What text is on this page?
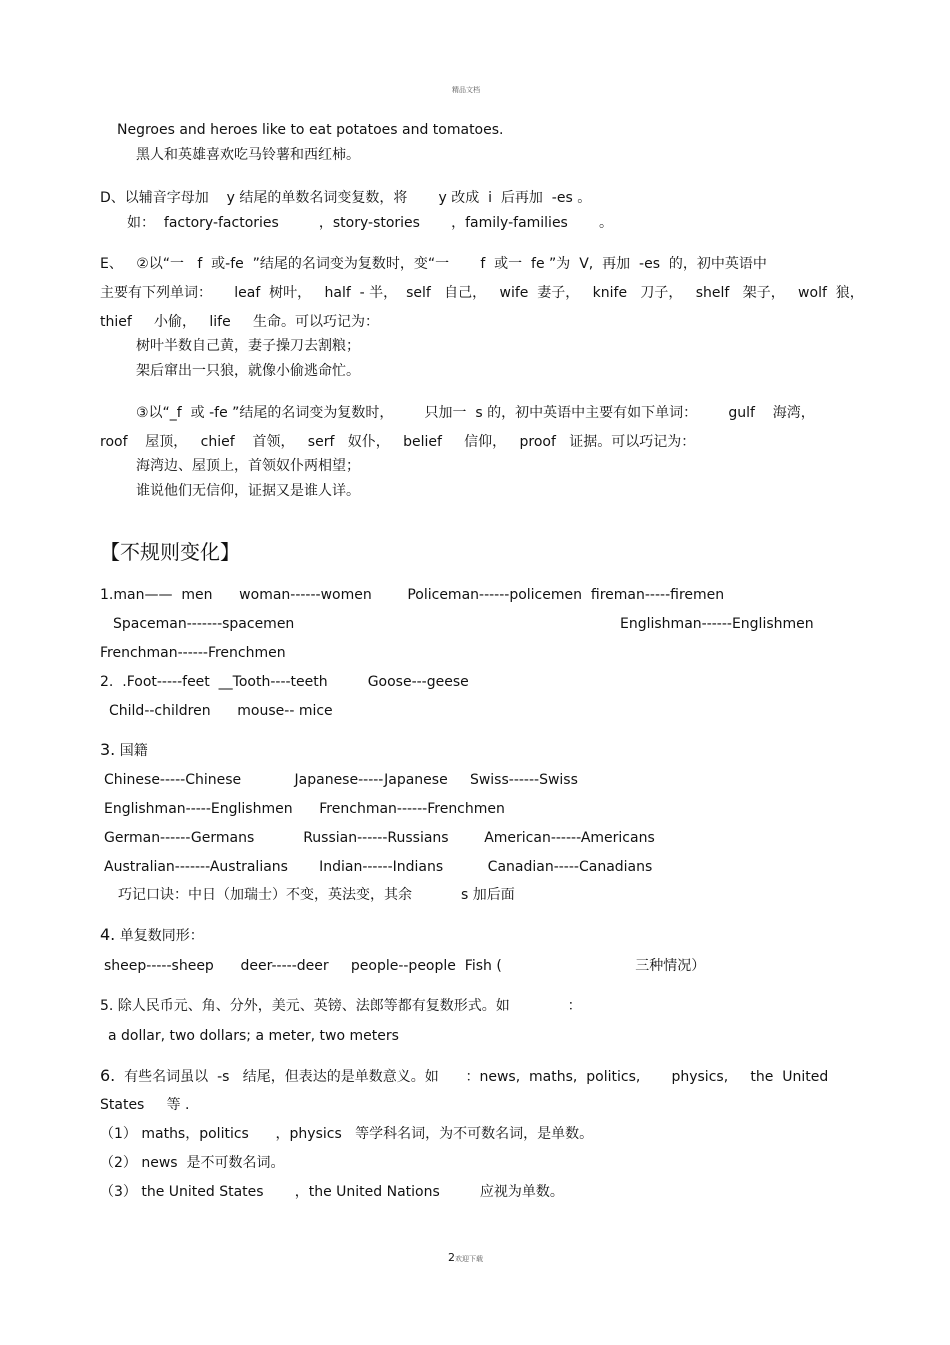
精品文档
Negroes and heroes like to eat potatoes and tomatoes.
黑人和英雄喜欢吃马铃薯和西红柿。
D、以辅音字母加    y 结尾的单数名词变复数，将       y 改成  i  后再加  -es 。
如：  factory-factories         ，story-stories       ，family-families       。
E、   ②以“一   f  或-fe  ”结尾的名词变为复数时，变“一       f  或一  fe ”为  V,  再加  -es  的，初中英语中
主要有下列单词：     leaf  树叶，   half  - 半，  self   自己，   wife  妻子，   knife   刀子，   shelf   架子，   wolf  狼，
thief     小偷，   life     生命。可以巧记为：
树叶半数自己黄，妻子操刀去割粮；
架后窜出一只狼，就像小偷逃命忙。
③以“_f  或 -fe ”结尾的名词变为复数时，       只加一  s 的，初中英语中主要有如下单词：       gulf    海湾，
roof    屋顶，   chief    首领，   serf   奴仆，   belief     信仰，   proof   证据。可以巧记为：
海湾边、屋顶上，首领奴仆两相望；
谁说他们无信仰，证据又是谁人详。
【不规则变化】
1.man——  men      woman------women        Policeman------policemen  fireman-----firemen
Spaceman-------spacemen	Englishman------Englishmen
Frenchman------Frenchmen
2.  .Foot-----feet  __Tooth----teeth         Goose---geese
Child--children      mouse-- mice
3. 国籍
Chinese-----Chinese            Japanese-----Japanese     Swiss------Swiss
Englishman-----Englishmen      Frenchman------Frenchmen
German------Germans           Russian------Russians        American------Americans
Australian-------Australians       Indian------Indians          Canadian-----Canadians
巧记口诀：中日（加瑞士）不变，英法变，其余           s 加后面
4. 单复数同形：
sheep-----sheep      deer-----deer     people--people  Fish (                              三种情况）
5. 除人民币元、角、分外，美元、英镑、法郎等都有复数形式。如             ：
a dollar, two dollars; a meter, two meters
6.  有些名词虽以  -s   结尾，但表达的是单数意义。如      ：news,  maths,  politics,       physics,     the  United
States     等 .
（1） maths，politics      ，physics   等学科名词，为不可数名词，是单数。
（2） news  是不可数名词。
（3） the United States       ，the United Nations         应视为单数。
2欢迎下载
